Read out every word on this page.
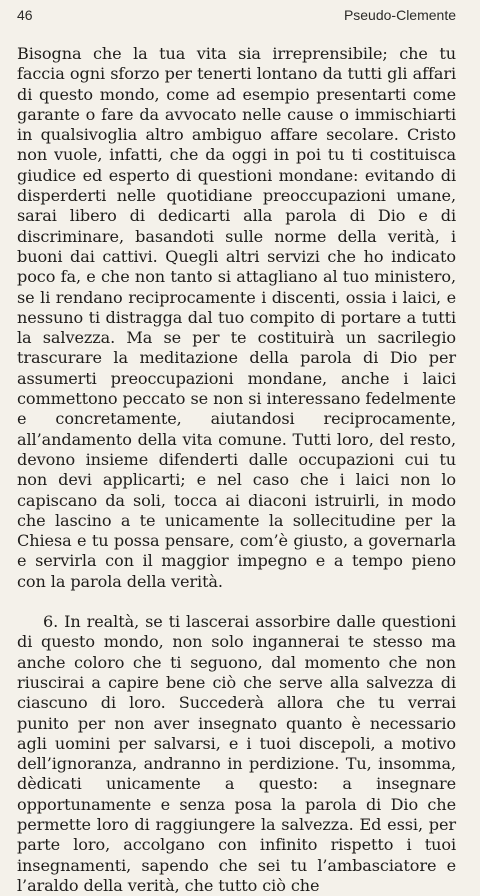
46	Pseudo-Clemente

Bisogna che la tua vita sia irreprensibile; che tu faccia ogni sforzo per tenerti lontano da tutti gli affari di questo mondo, come ad esempio presentarti come garante o fare da avvocato nelle cause o immischiarti in qualsivoglia altro ambiguo affare secolare. Cristo non vuole, infatti, che da oggi in poi tu ti costituisca giudice ed esperto di questioni mondane: evitando di disperderti nelle quotidiane preoccupazioni umane, sarai libero di dedicarti alla parola di Dio e di discriminare, basandoti sulle norme della verità, i buoni dai cattivi. Quegli altri servizi che ho indicato poco fa, e che non tanto si attagliano al tuo ministero, se li rendano reciprocamente i discenti, ossia i laici, e nessuno ti distragga dal tuo compito di portare a tutti la salvezza. Ma se per te costituirà un sacrilegio trascurare la meditazione della parola di Dio per assumerti preoccupazioni mondane, anche i laici commettono peccato se non si interessano fedelmente e concretamente, aiutandosi reciprocamente, all’andamento della vita comune. Tutti loro, del resto, devono insieme difenderti dalle occupazioni cui tu non devi applicarti; e nel caso che i laici non lo capiscano da soli, tocca ai diaconi istruirli, in modo che lascino a te unicamente la sollecitudine per la Chiesa e tu possa pensare, com’è giusto, a governarla e servirla con il maggior impegno e a tempo pieno con la parola della verità.

6. In realtà, se ti lascerai assorbire dalle questioni di questo mondo, non solo ingannerai te stesso ma anche coloro che ti seguono, dal momento che non riuscirai a capire bene ciò che serve alla salvezza di ciascuno di loro. Succederà allora che tu verrai punito per non aver insegnato quanto è necessario agli uomini per salvarsi, e i tuoi discepoli, a motivo dell’ignoranza, andranno in perdizione. Tu, insomma, dèdicati unicamente a questo: a insegnare opportunamente e senza posa la parola di Dio che permette loro di raggiungere la salvezza. Ed essi, per parte loro, accolgano con infinito rispetto i tuoi insegnamenti, sapendo che sei tu l’ambasciatore e l’araldo della verità, che tutto ciò che
